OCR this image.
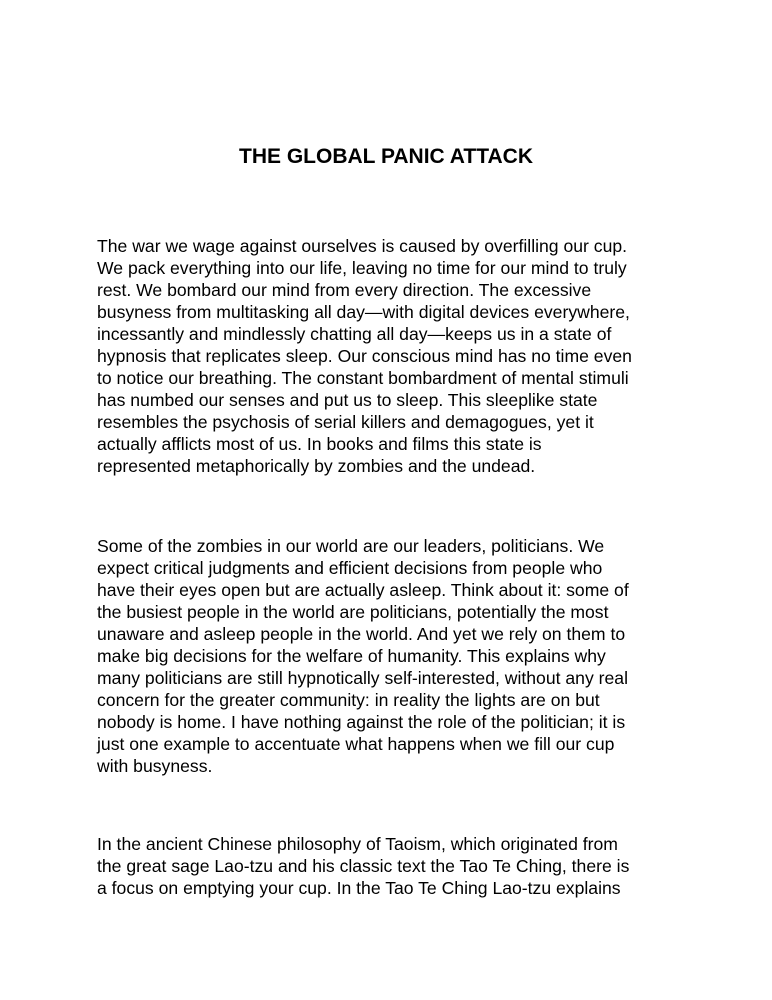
THE GLOBAL PANIC ATTACK

The war we wage against ourselves is caused by overfilling our cup.
We pack everything into our life, leaving no time for our mind to truly
rest. We bombard our mind from every direction. The excessive
busyness from multitasking all day—with digital devices everywhere,
incessantly and mindlessly chatting all day—keeps us in a state of
hypnosis that replicates sleep. Our conscious mind has no time even
to notice our breathing. The constant bombardment of mental stimuli
has numbed our senses and put us to sleep. This sleeplike state
resembles the psychosis of serial killers and demagogues, yet it
actually afflicts most of us. In books and films this state is
represented metaphorically by zombies and the undead.

Some of the zombies in our world are our leaders, politicians. We
expect critical judgments and efficient decisions from people who
have their eyes open but are actually asleep. Think about it: some of
the busiest people in the world are politicians, potentially the most
unaware and asleep people in the world. And yet we rely on them to
make big decisions for the welfare of humanity. This explains why
many politicians are still hypnotically self-interested, without any real
concern for the greater community: in reality the lights are on but
nobody is home. I have nothing against the role of the politician; it is
just one example to accentuate what happens when we fill our cup
with busyness.

In the ancient Chinese philosophy of Taoism, which originated from
the great sage Lao-tzu and his classic text the Tao Te Ching, there is
a focus on emptying your cup. In the Tao Te Ching Lao-tzu explains
